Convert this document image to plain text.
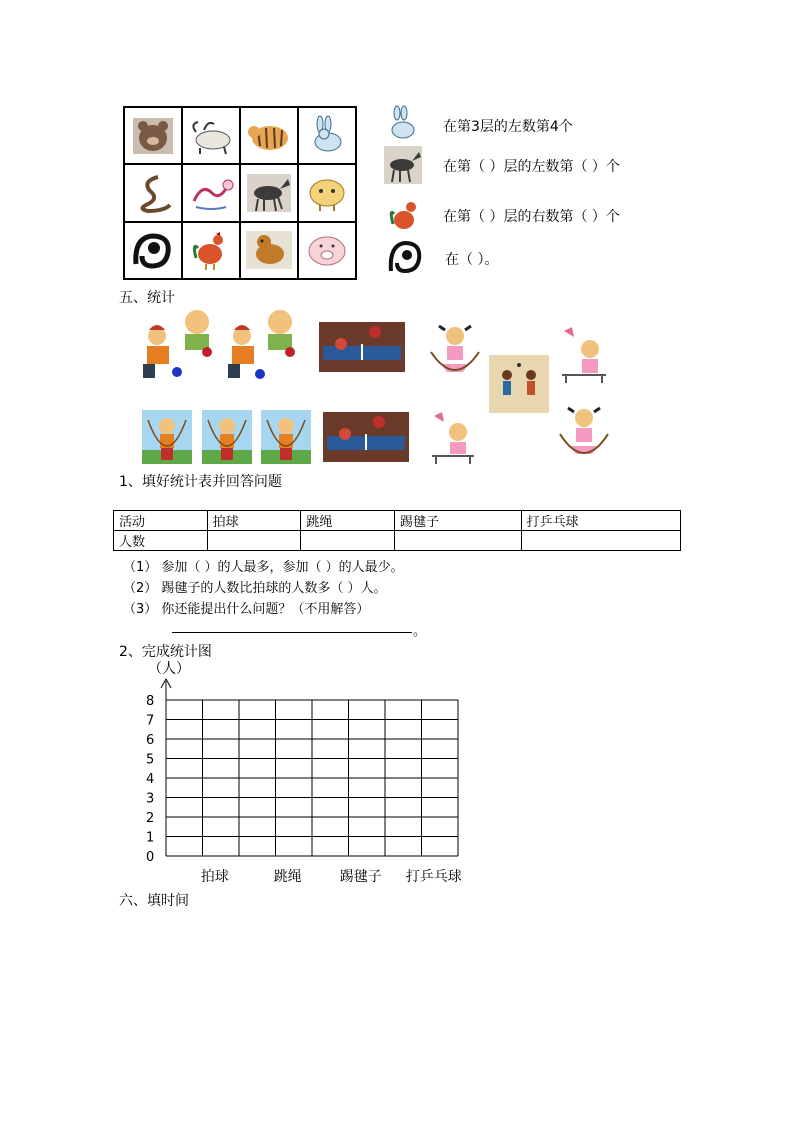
在第3层的左数第4个
在第（ ）层的左数第（ ）个
在第（ ）层的右数第（ ）个
在（ ）。
五、统计
1、填好统计表并回答问题
活动	拍球	跳绳	踢毽子	打乒乓球
人数				
（1） 参加（ ）的人最多，参加（ ）的人最少。
（2） 踢毽子的人数比拍球的人数多（ ）人。
（3） 你还能提出什么问题？（不用解答）
。
2、完成统计图
（人）
0
1
2
3
4
5
6
7
8
拍球	跳绳	踢毽子 打乒乓球
六、填时间
